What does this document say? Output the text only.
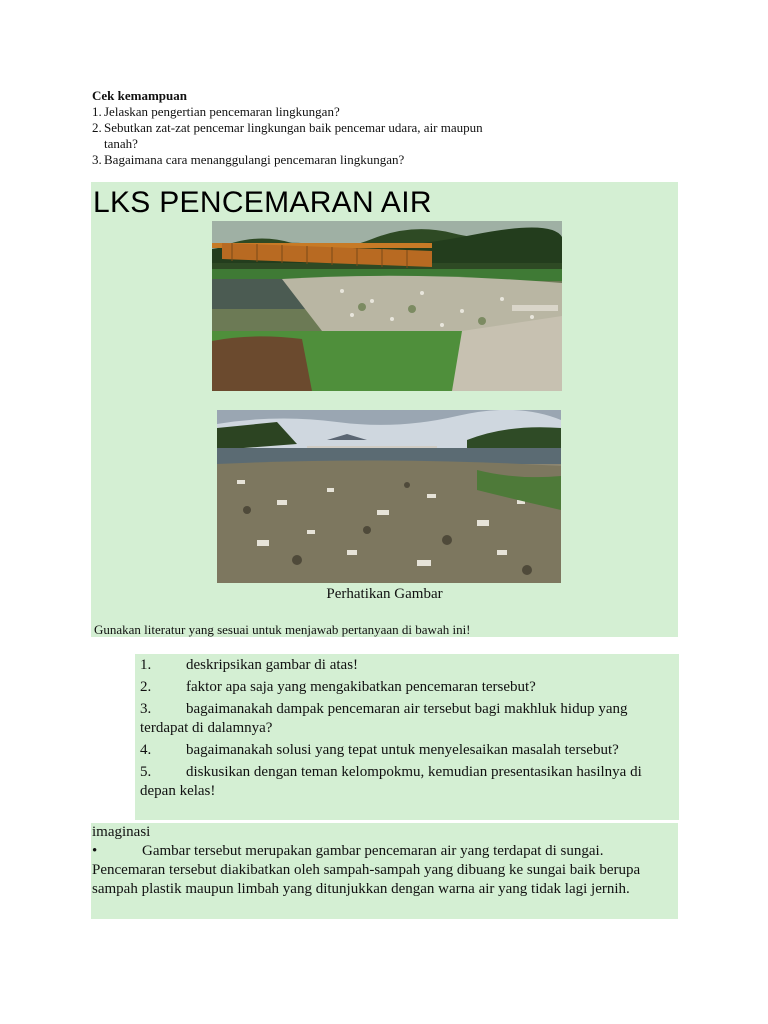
Cek kemampuan
1. Jelaskan pengertian pencemaran lingkungan?
2. Sebutkan zat-zat pencemar lingkungan baik pencemar udara, air maupun tanah?
3. Bagaimana cara menanggulangi pencemaran lingkungan?
LKS PENCEMARAN AIR
Perhatikan Gambar
Gunakan literatur yang sesuai untuk menjawab pertanyaan di bawah ini!
1. deskripsikan gambar di atas!
2. faktor apa saja yang mengakibatkan pencemaran tersebut?
3. bagaimanakah dampak pencemaran air tersebut bagi makhluk hidup yang terdapat di dalamnya?
4. bagaimanakah solusi yang tepat untuk menyelesaikan masalah tersebut?
5. diskusikan dengan teman kelompokmu, kemudian presentasikan hasilnya di depan kelas!
imaginasi
•	Gambar tersebut merupakan gambar pencemaran air yang terdapat di sungai. Pencemaran tersebut diakibatkan oleh sampah-sampah yang dibuang ke sungai baik berupa sampah plastik maupun limbah yang ditunjukkan dengan warna air yang tidak lagi jernih.
